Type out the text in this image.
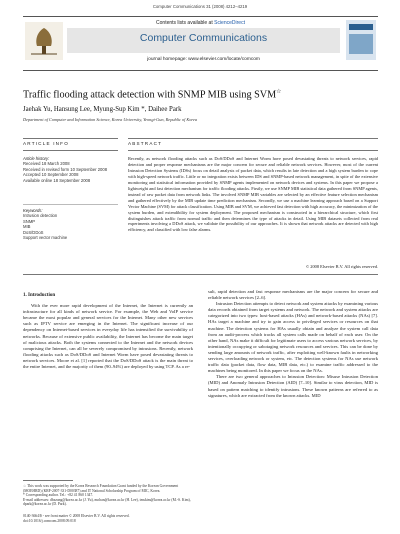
Computer Communications 31 (2008) 4212–4219
Contents lists available at ScienceDirect
Computer Communications
journal homepage: www.elsevier.com/locate/comcom
Traffic flooding attack detection with SNMP MIB using SVM☆
Jaehak Yu, Hansung Lee, Myung-Sup Kim *, Daihee Park
Department of Computer and Information Science, Korea University, Yeongi-Gun, Republic of Korea
ARTICLE INFO	ABSTRACT
Article history:
Received 18 March 2008
Received in revised form 10 September 2008
Accepted 10 September 2008
Available online 18 September 2008
Keywords:
Intrusion detection
SNMP
MIB
DoS/DDoS
Support vector machine
Recently, as network flooding attacks such as DoS/DDoS and Internet Worm have posed devastating threats to network services, rapid detection and proper response mechanisms are the major concern for secure and reliable network services. However, most of the current Intrusion Detection Systems (IDSs) focus on detail analysis of packet data, which results in late detection and a high system burden to cope with high-speed network traffic. Little or no integration exists between IDS and SNMP-based network management, in spite of the extensive monitoring and statistical information provided by SNMP agents implemented on network devices and systems. In this paper we propose a lightweight and fast detection mechanism for traffic flooding attacks. Firstly, we use SNMP MIB statistical data gathered from SNMP agents, instead of raw packet data from network links. The involved SNMP MIB variables are selected by an effective feature selection mechanism and gathered effectively by the MIB update time prediction mechanism. Secondly, we use a machine learning approach based on a Support Vector Machine (SVM) for attack classification. Using MIB and SVM, we achieved fast detection with high accuracy, the minimization of the system burden, and extendibility for system deployment. The proposed mechanism is constructed in a hierarchical structure, which first distinguishes attack traffic from normal traffic and then determines the type of attacks in detail. Using MIB datasets collected from real experiments involving a DDoS attack, we validate the possibility of our approaches. It is shown that network attacks are detected with high efficiency, and classified with low false alarms.
© 2008 Elsevier B.V. All rights reserved.
1. Introduction

With the ever more rapid development of the Internet, the Internet is currently an infrastructure for all kinds of network service. For example, the Web and VoIP service became the most popular and general services for the Internet. Many other new services such as IPTV service are emerging in the Internet. The significant increase of our dependency on Internet-based services in everyday life has intensified the survivability of networks. Because of extensive public availability, the Internet has become the main target of malicious attacks. Both the systems connected to the Internet and the network devices comprising the Internet, can all be severely compromised by intrusions. Recently, network flooding attacks such as DoS/DDoS and Internet Worm have posed devastating threats to network services. Moore et al. [1] reported that the DoS/DDoS attack is the main threat to the entire Internet, and the majority of them (90–94%) are deployed by using TCP. As a re-

sult, rapid detection and fast response mechanisms are the major concern for secure and reliable network services [2–6].

Intrusion Detection attempts to detect network and system attacks by examining various data records obtained from target systems and network. The network and system attacks are categorized into two types: host-based attacks (HAs) and network-based attacks (NAs) [7]. HAs target a machine and try to gain access to privileged services or resources on that machine. The detection systems for HAs usually obtain and analyze the system call data from an audit-process which tracks all system calls made on behalf of each user. On the other hand, NAs make it difficult for legitimate users to access various network services, by intentionally occupying or sabotaging network resources and services. This can be done by sending large amounts of network traffic, after exploiting well-known faults in networking services, overloading network or system, etc. The detection systems for NAs use network traffic data (packet data, flow data, MIB data, etc.) to examine traffic addressed to the machines being monitored. In this paper we focus on the NAs.

There are two general approaches to Intrusion Detection: Misuse Intrusion Detection (MID) and Anomaly Intrusion Detection (AID) [7–10]. Similar to virus detection, MID is based on pattern matching to identify intrusions. These known patterns are referred to as signatures, which are extracted from the known attacks. MID

☆ This work was supported by the Korea Research Foundation Grant funded by the Korean Government (MOEHRD) (KRF-2007-331-D00387) and IT National Scholarship Program of MIC, Korea.
* Corresponding author. Tel.: +82 41 860 1347.
E-mail addresses: dbzzang@korea.ac.kr (J. Yu), mohan@korea.ac.kr (H. Lee), tmskim@korea.ac.kr (M.-S. Kim), dpark@korea.ac.kr (D. Park).
0140-3664/$ - see front matter © 2008 Elsevier B.V. All rights reserved.
doi:10.1016/j.comcom.2008.09.018
